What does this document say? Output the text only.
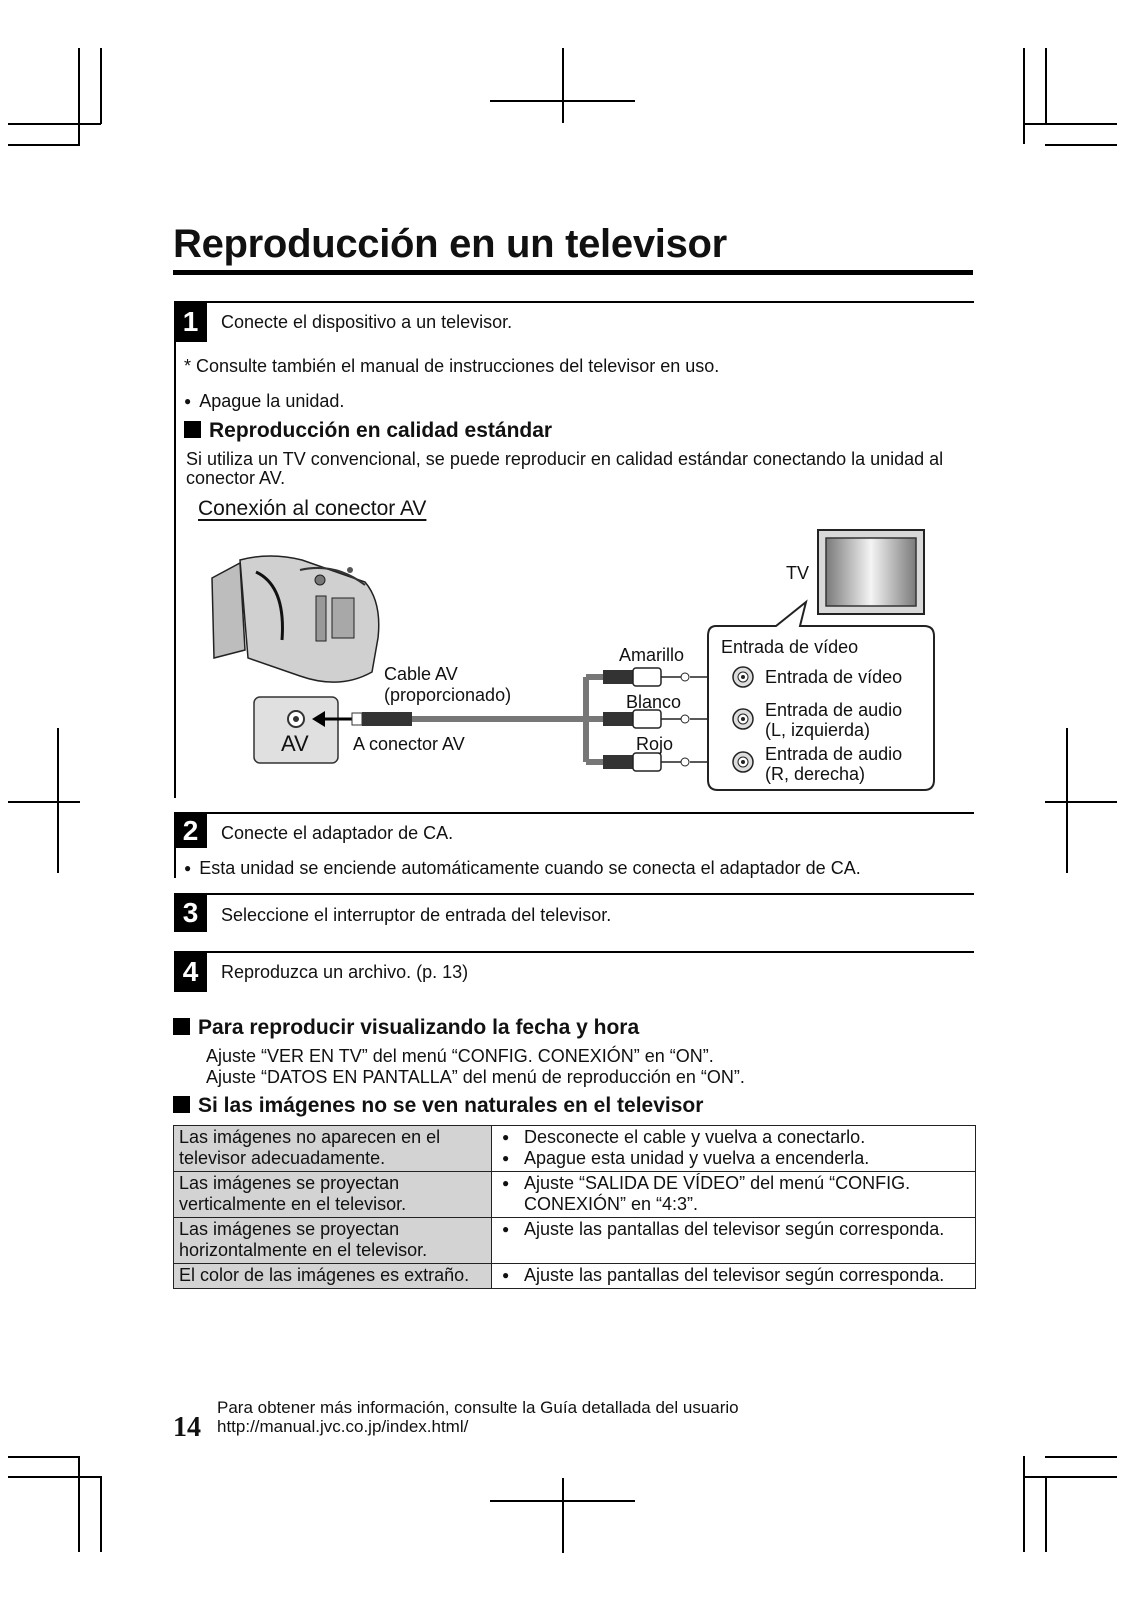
Reproducción en un televisor
1	Conecte el dispositivo a un televisor.
* Consulte también el manual de instrucciones del televisor en uso.
● Apague la unidad.
Reproducción en calidad estándar
Si utiliza un TV convencional, se puede reproducir en calidad estándar conectando la unidad al conector AV.
Conexión al conector AV
TV
Cable AV
(proporcionado)
AV A conector AV
Amarillo
Blanco
Rojo
Entrada de vídeo
Entrada de vídeo
Entrada de audio
(L, izquierda)
Entrada de audio
(R, derecha)
2	Conecte el adaptador de CA.
● Esta unidad se enciende automáticamente cuando se conecta el adaptador de CA.
3	Seleccione el interruptor de entrada del televisor.
4	Reproduzca un archivo. (p. 13)
Para reproducir visualizando la fecha y hora
Ajuste “VER EN TV” del menú “CONFIG. CONEXIÓN” en “ON”.
Ajuste “DATOS EN PANTALLA” del menú de reproducción en “ON”.
Si las imágenes no se ven naturales en el televisor
Las imágenes no aparecen en el televisor adecuadamente.	● Desconecte el cable y vuelva a conectarlo.
● Apague esta unidad y vuelva a encenderla.

Las imágenes se proyectan verticalmente en el televisor.	● Ajuste “SALIDA DE VÍDEO” del menú “CONFIG. CONEXIÓN” en “4:3”.

Las imágenes se proyectan horizontalmente en el televisor.	● Ajuste las pantallas del televisor según corresponda.

El color de las imágenes es extraño.	● Ajuste las pantallas del televisor según corresponda.
14
Para obtener más información, consulte la Guía detallada del usuario
http://manual.jvc.co.jp/index.html/
